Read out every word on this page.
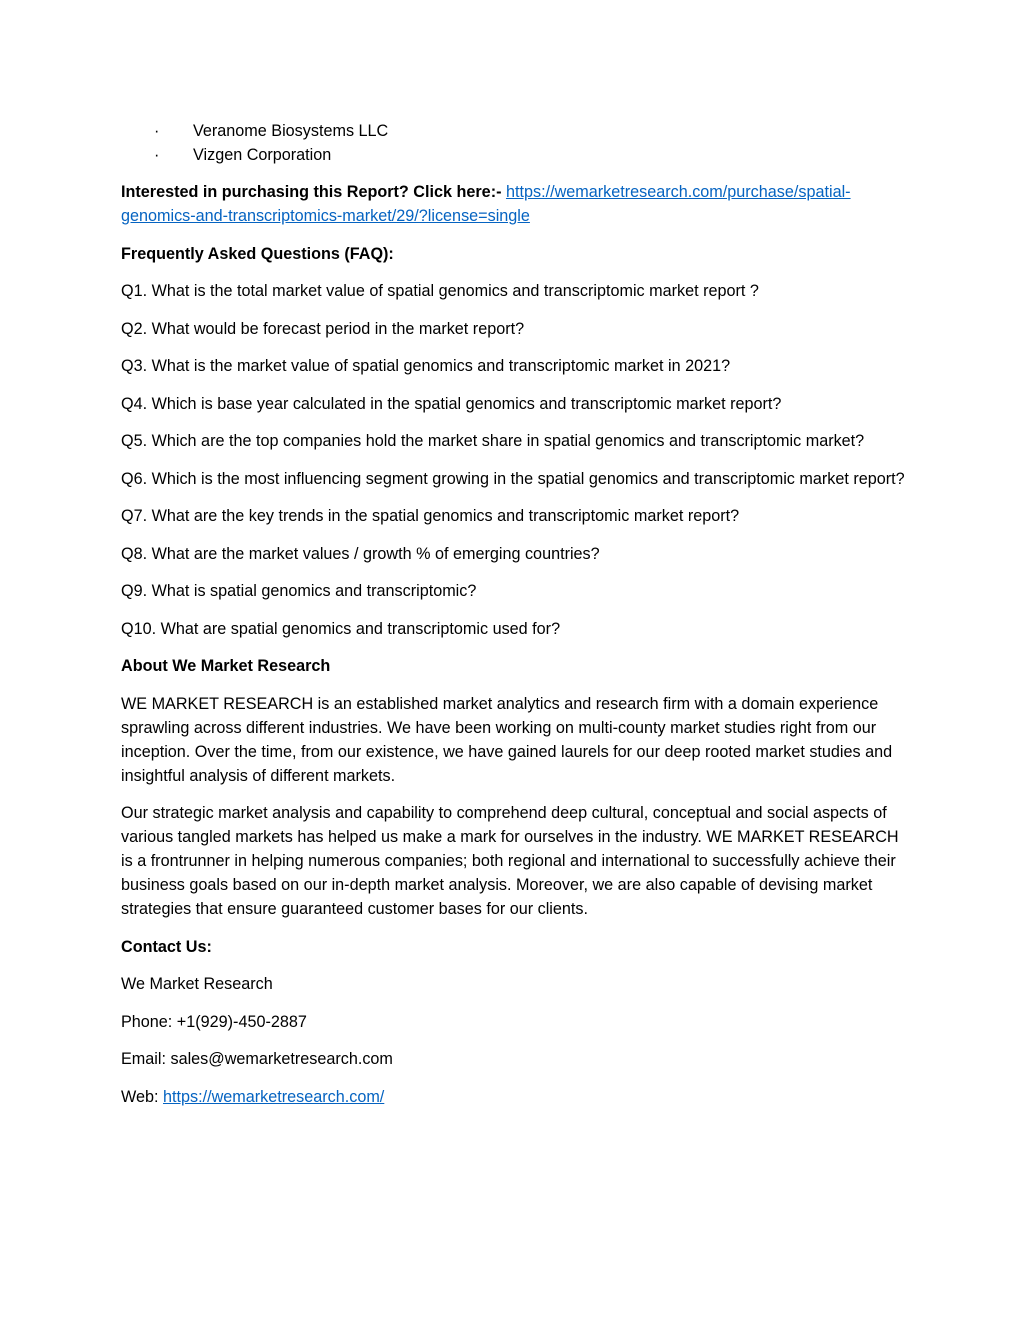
· Veranome Biosystems LLC
· Vizgen Corporation

Interested in purchasing this Report? Click here:- https://wemarketresearch.com/purchase/spatial-genomics-and-transcriptomics-market/29/?license=single

Frequently Asked Questions (FAQ):

Q1. What is the total market value of spatial genomics and transcriptomic market report ?

Q2. What would be forecast period in the market report?

Q3. What is the market value of spatial genomics and transcriptomic market in 2021?

Q4. Which is base year calculated in the spatial genomics and transcriptomic market report?

Q5. Which are the top companies hold the market share in spatial genomics and transcriptomic market?

Q6. Which is the most influencing segment growing in the spatial genomics and transcriptomic market report?

Q7. What are the key trends in the spatial genomics and transcriptomic market report?

Q8. What are the market values / growth % of emerging countries?

Q9. What is spatial genomics and transcriptomic?

Q10. What are spatial genomics and transcriptomic used for?

About We Market Research

WE MARKET RESEARCH is an established market analytics and research firm with a domain experience sprawling across different industries. We have been working on multi-county market studies right from our inception. Over the time, from our existence, we have gained laurels for our deep rooted market studies and insightful analysis of different markets.

Our strategic market analysis and capability to comprehend deep cultural, conceptual and social aspects of various tangled markets has helped us make a mark for ourselves in the industry. WE MARKET RESEARCH is a frontrunner in helping numerous companies; both regional and international to successfully achieve their business goals based on our in-depth market analysis. Moreover, we are also capable of devising market strategies that ensure guaranteed customer bases for our clients.

Contact Us:

We Market Research

Phone: +1(929)-450-2887

Email: sales@wemarketresearch.com

Web: https://wemarketresearch.com/
